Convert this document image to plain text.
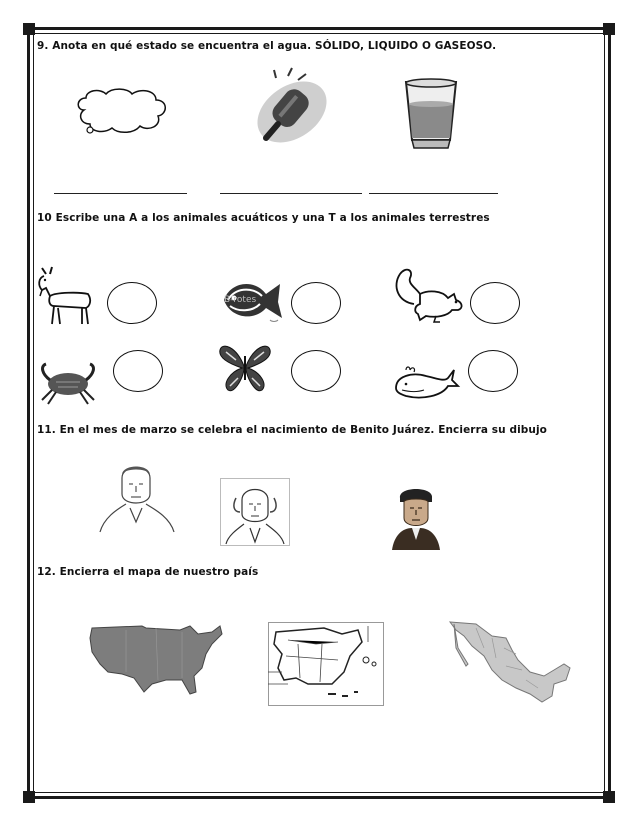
9. Anota en qué estado se encuentra el agua. SÓLIDO, LIQUIDO O GASEOSO.
10 Escribe una A a los animales acuáticos y una T a los animales terrestres
B-rotes
11. En el mes de marzo se celebra el nacimiento de Benito Juárez. Encierra su dibujo
12. Encierra el mapa de nuestro país
